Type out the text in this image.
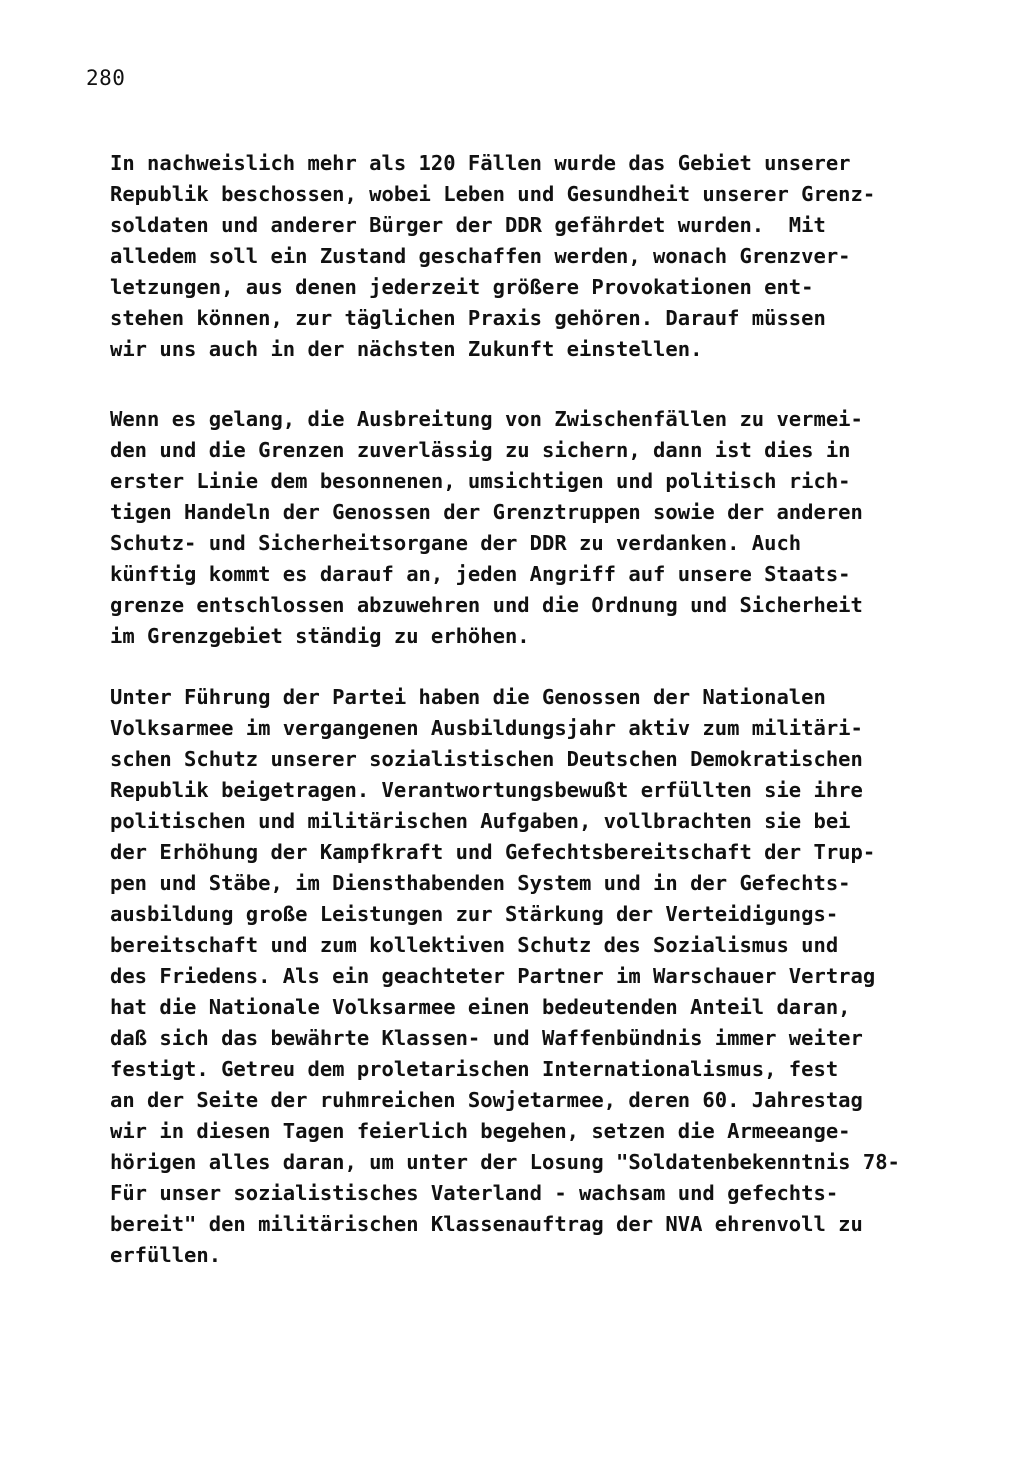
280
In nachweislich mehr als 120 Fällen wurde das Gebiet unserer
Republik beschossen, wobei Leben und Gesundheit unserer Grenz-
soldaten und anderer Bürger der DDR gefährdet wurden.  Mit
alledem soll ein Zustand geschaffen werden, wonach Grenzver-
letzungen, aus denen jederzeit größere Provokationen ent-
stehen können, zur täglichen Praxis gehören. Darauf müssen
wir uns auch in der nächsten Zukunft einstellen.
Wenn es gelang, die Ausbreitung von Zwischenfällen zu vermei-
den und die Grenzen zuverlässig zu sichern, dann ist dies in
erster Linie dem besonnenen, umsichtigen und politisch rich-
tigen Handeln der Genossen der Grenztruppen sowie der anderen
Schutz- und Sicherheitsorgane der DDR zu verdanken. Auch
künftig kommt es darauf an, jeden Angriff auf unsere Staats-
grenze entschlossen abzuwehren und die Ordnung und Sicherheit
im Grenzgebiet ständig zu erhöhen.
Unter Führung der Partei haben die Genossen der Nationalen
Volksarmee im vergangenen Ausbildungsjahr aktiv zum militäri-
schen Schutz unserer sozialistischen Deutschen Demokratischen
Republik beigetragen. Verantwortungsbewußt erfüllten sie ihre
politischen und militärischen Aufgaben, vollbrachten sie bei
der Erhöhung der Kampfkraft und Gefechtsbereitschaft der Trup-
pen und Stäbe, im Diensthabenden System und in der Gefechts-
ausbildung große Leistungen zur Stärkung der Verteidigungs-
bereitschaft und zum kollektiven Schutz des Sozialismus und
des Friedens. Als ein geachteter Partner im Warschauer Vertrag
hat die Nationale Volksarmee einen bedeutenden Anteil daran,
daß sich das bewährte Klassen- und Waffenbündnis immer weiter
festigt. Getreu dem proletarischen Internationalismus, fest
an der Seite der ruhmreichen Sowjetarmee, deren 60. Jahrestag
wir in diesen Tagen feierlich begehen, setzen die Armeeange-
hörigen alles daran, um unter der Losung "Soldatenbekenntnis 78-
Für unser sozialistisches Vaterland - wachsam und gefechts-
bereit" den militärischen Klassenauftrag der NVA ehrenvoll zu
erfüllen.
